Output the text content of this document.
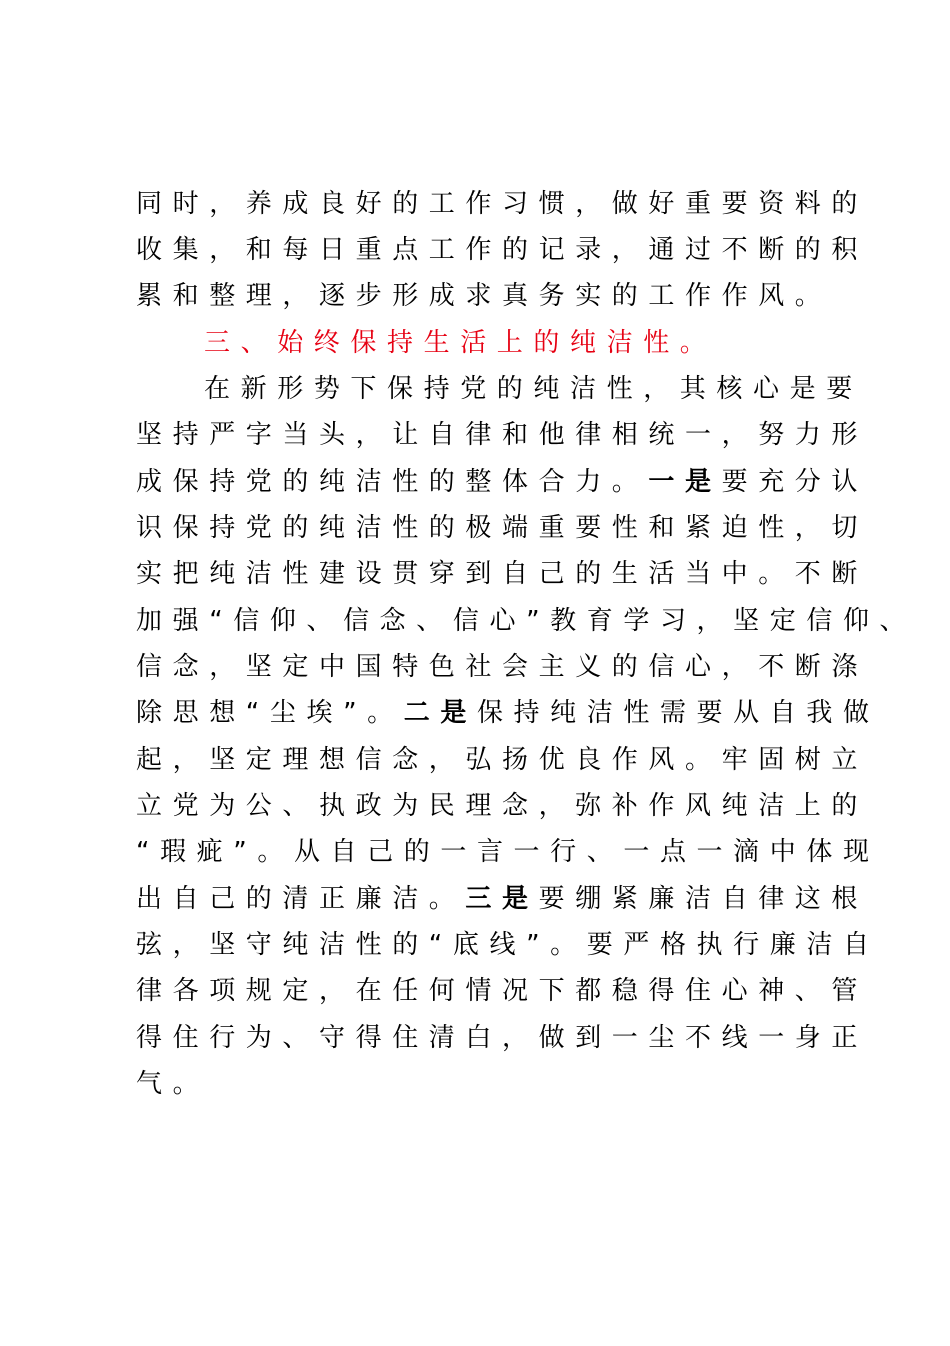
同时，养成良好的工作习惯，做好重要资料的
收集，和每日重点工作的记录，通过不断的积
累和整理，逐步形成求真务实的工作作风。
三、始终保持生活上的纯洁性。
在新形势下保持党的纯洁性，其核心是要
坚持严字当头，让自律和他律相统一，努力形
成保持党的纯洁性的整体合力。一是要充分认
识保持党的纯洁性的极端重要性和紧迫性，切
实把纯洁性建设贯穿到自己的生活当中。不断
加强“信仰、信念、信心”教育学习，坚定信仰、
信念，坚定中国特色社会主义的信心，不断涤
除思想“尘埃”。二是保持纯洁性需要从自我做
起，坚定理想信念，弘扬优良作风。牢固树立
立党为公、执政为民理念，弥补作风纯洁上的
“瑕疵”。从自己的一言一行、一点一滴中体现
出自己的清正廉洁。三是要绷紧廉洁自律这根
弦，坚守纯洁性的“底线”。要严格执行廉洁自
律各项规定，在任何情况下都稳得住心神、管
得住行为、守得住清白，做到一尘不线一身正
气。
